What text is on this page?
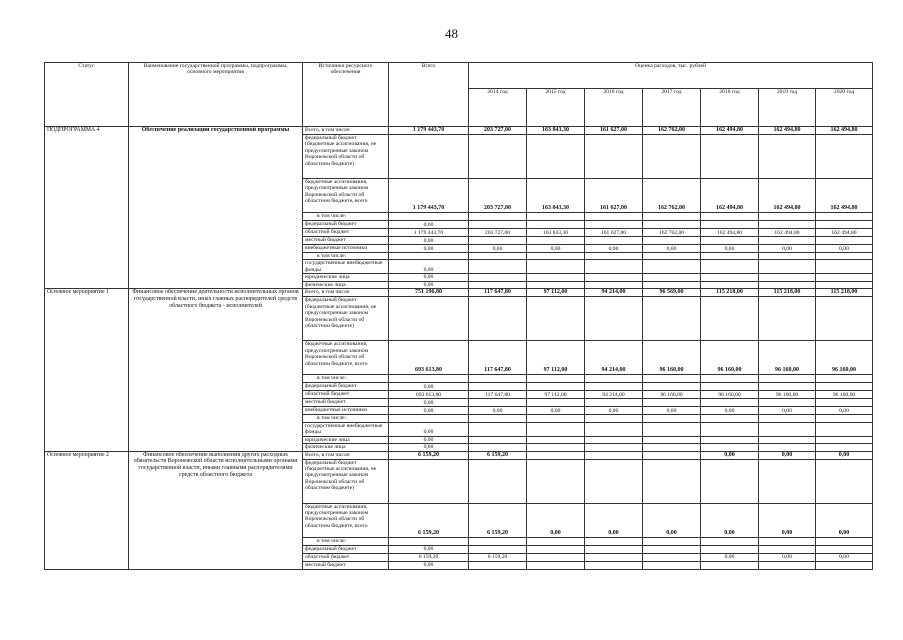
48
Статус	Наименование государственной программы, подпрограммы, основного мероприятия	Источники ресурсного обеспечения	Всего	Оценка расходов, тыс. рублей						
				2014 год	2015 год	2016 год	2017 год	2018 год	2019 год	2020 год
ПОДПРОГРАММА 4	Обеспечение реализации государственной программы	Всего, в том числе:	1 179 443,70	203 727,00	163 843,30	161 627,00	162 762,00	162 494,80	162 494,80	162 494,80
		федеральный бюджет (бюджетные ассигнования, не предусмотренные законом Воронежской области об областном бюджете)								
		бюджетные ассигнования, предусмотренные законом Воронежской области об областном бюджете, всего	1 179 443,70	203 727,00	163 843,30	161 627,00	162 762,00	162 494,80	162 494,80	162 494,80
		в том числе:								
		федеральный бюджет	0,00							
		областной бюджет	1 179 443,70	203 727,00	163 843,30	161 627,00	162 762,00	162 494,80	162 494,80	162 494,80
		местный бюджет	0,00							
		внебюджетные источники	0,00	0,00	0,00	0,00	0,00	0,00	0,00	0,00
		в том числе:								
		государственные внебюджетные фонды	0,00							
		юридические лица	0,00							
		физические лица	0,00							
Основное мероприятие 1	Финансовое обеспечение деятельности исполнительных органов государственной власти, иных главных распорядителей средств областного бюджета - исполнителей	Всего, в том числе:	751 196,80	117 647,80	97 112,00	94 214,00	96 569,00	115 218,00	115 218,00	115 218,00
		федеральный бюджет (бюджетные ассигнования, не предусмотренные законом Воронежской области об областном бюджете)								
		бюджетные ассигнования, предусмотренные законом Воронежской области об областном бюджете, всего	693 613,80	117 647,80	97 112,00	94 214,00	96 160,00	96 160,00	96 160,00	96 160,00
		в том числе:								
		федеральный бюджет	0,00							
		областной бюджет	693 613,80	117 647,80	97 112,00	94 214,00	96 160,00	96 160,00	96 160,00	96 160,00
		местный бюджет	0,00							
		внебюджетные источники	0,00	0,00	0,00	0,00	0,00	0,00	0,00	0,00
		в том числе:								
		государственные внебюджетные фонды	0,00							
		юридические лица	0,00							
		физические лица	0,00							
Основное мероприятие 2	Финансовое обеспечение выполнения других расходных обязательств Воронежской области исполнительными органами государственной власти, иными главными распорядителями средств областного бюджета	Всего, в том числе:	6 159,20	6 159,20				0,00	0,00	0,00
		федеральный бюджет (бюджетные ассигнования, не предусмотренные законом Воронежской области об областном бюджете)								
		бюджетные ассигнования, предусмотренные законом Воронежской области об областном бюджете, всего	6 159,20	6 159,20	0,00	0,00	0,00	0,00	0,00	0,00
		в том числе:								
		федеральный бюджет	0,00							
		областной бюджет	6 159,20	6 159,20				0,00	0,00	0,00
		местный бюджет	0,00							
